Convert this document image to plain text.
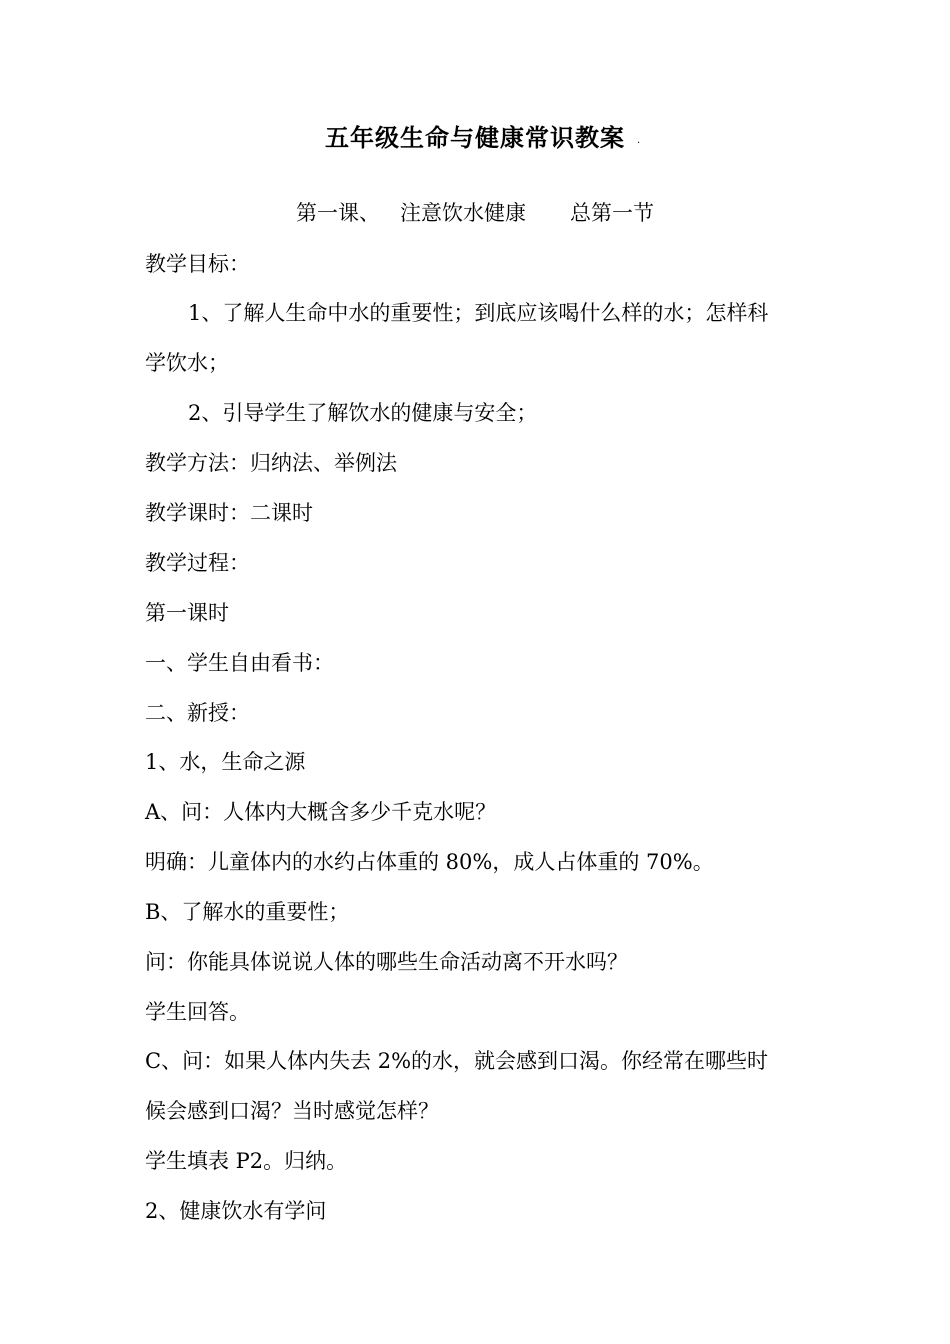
五年级生命与健康常识教案	.
第一课、 注意饮水健康 总第一节
教学目标：
1、了解人生命中水的重要性；到底应该喝什么样的水；怎样科
学饮水；
2、引导学生了解饮水的健康与安全；
教学方法：归纳法、举例法
教学课时：二课时
教学过程：
第一课时
一、学生自由看书：
二、新授：
1、水，生命之源
A、问：人体内大概含多少千克水呢？
明确：儿童体内的水约占体重的 80%，成人占体重的 70%。
B、了解水的重要性；
问：你能具体说说人体的哪些生命活动离不开水吗？
学生回答。
C、问：如果人体内失去 2%的水，就会感到口渴。你经常在哪些时
候会感到口渴？当时感觉怎样？
学生填表 P2。归纳。
2、健康饮水有学问
